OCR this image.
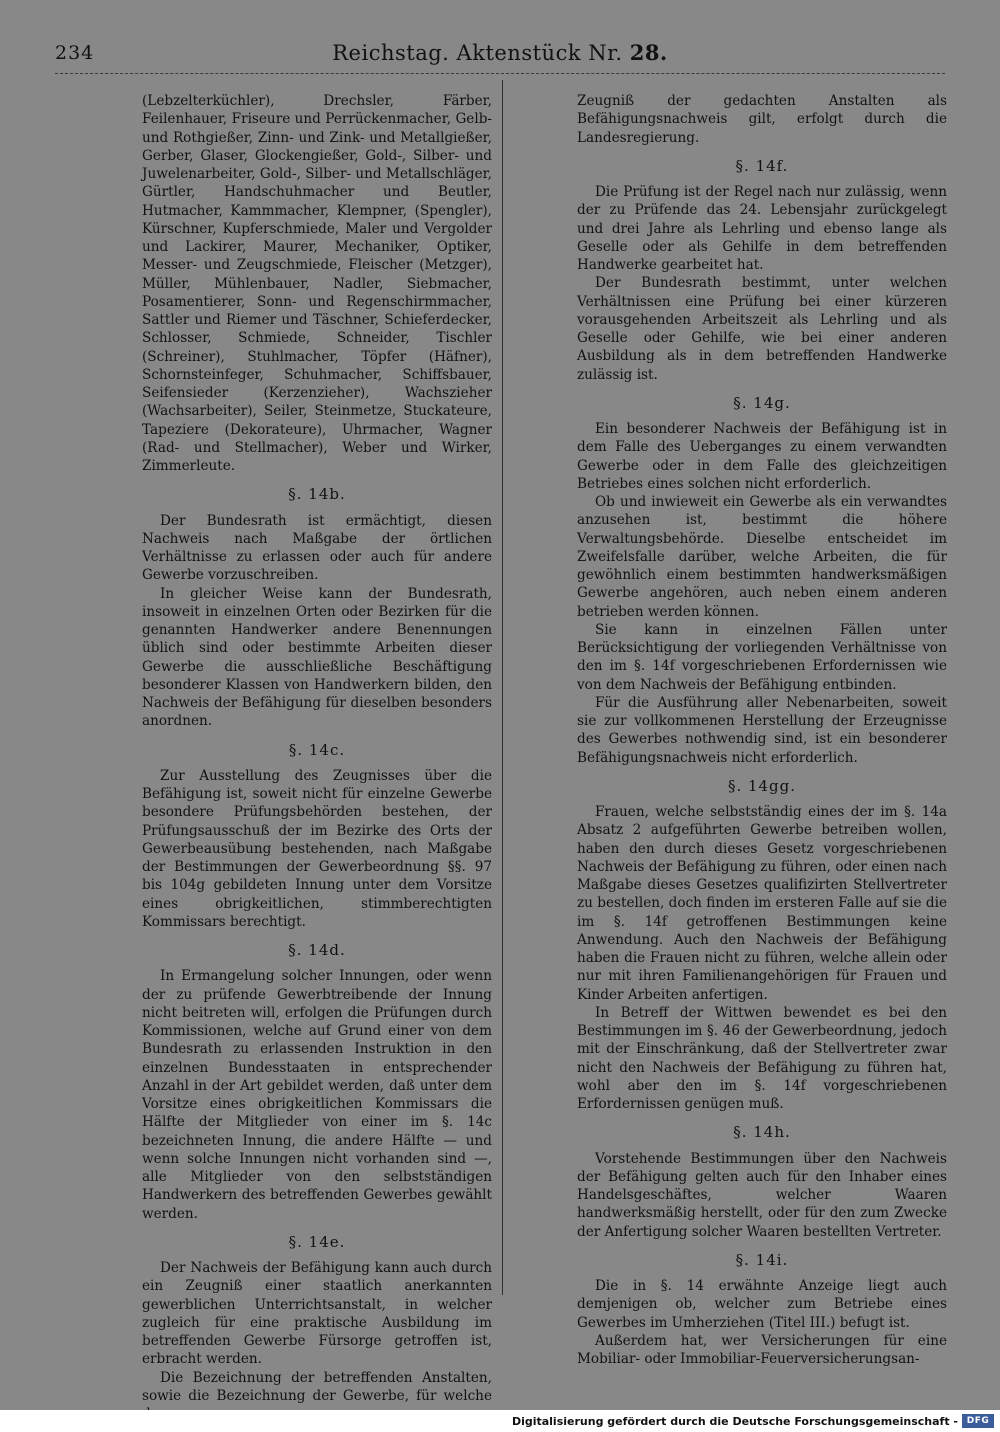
234	Reichstag. Aktenstück Nr. 28.

(Lebzelterküchler), Drechsler, Färber, Feilenhauer, Friseure und Perrückenmacher, Gelb- und Rothgießer, Zinn- und Zink- und Metallgießer, Gerber, Glaser, Glockengießer, Gold-, Silber- und Juwelenarbeiter, Gold-, Silber- und Metallschläger, Gürtler, Handschuhmacher und Beutler, Hutmacher, Kammmacher, Klempner, (Spengler), Kürschner, Kupferschmiede, Maler und Vergolder und Lackirer, Maurer, Mechaniker, Optiker, Messer- und Zeugschmiede, Fleischer (Metzger), Müller, Mühlenbauer, Nadler, Siebmacher, Posamentierer, Sonn- und Regenschirmmacher, Sattler und Riemer und Täschner, Schieferdecker, Schlosser, Schmiede, Schneider, Tischler (Schreiner), Stuhlmacher, Töpfer (Häfner), Schornsteinfeger, Schuhmacher, Schiffsbauer, Seifensieder (Kerzenzieher), Wachszieher (Wachsarbeiter), Seiler, Steinmetze, Stuckateure, Tapeziere (Dekorateure), Uhrmacher, Wagner (Rad- und Stellmacher), Weber und Wirker, Zimmerleute.

§. 14b.

Der Bundesrath ist ermächtigt, diesen Nachweis nach Maßgabe der örtlichen Verhältnisse zu erlassen oder auch für andere Gewerbe vorzuschreiben.

In gleicher Weise kann der Bundesrath, insoweit in einzelnen Orten oder Bezirken für die genannten Handwerker andere Benennungen üblich sind oder bestimmte Arbeiten dieser Gewerbe die ausschließliche Beschäftigung besonderer Klassen von Handwerkern bilden, den Nachweis der Befähigung für dieselben besonders anordnen.

§. 14c.

Zur Ausstellung des Zeugnisses über die Befähigung ist, soweit nicht für einzelne Gewerbe besondere Prüfungsbehörden bestehen, der Prüfungsausschuß der im Bezirke des Orts der Gewerbeausübung bestehenden, nach Maßgabe der Bestimmungen der Gewerbeordnung §§. 97 bis 104g gebildeten Innung unter dem Vorsitze eines obrigkeitlichen, stimmberechtigten Kommissars berechtigt.

§. 14d.

In Ermangelung solcher Innungen, oder wenn der zu prüfende Gewerbtreibende der Innung nicht beitreten will, erfolgen die Prüfungen durch Kommissionen, welche auf Grund einer von dem Bundesrath zu erlassenden Instruktion in den einzelnen Bundesstaaten in entsprechender Anzahl in der Art gebildet werden, daß unter dem Vorsitze eines obrigkeitlichen Kommissars die Hälfte der Mitglieder von einer im §. 14c bezeichneten Innung, die andere Hälfte — und wenn solche Innungen nicht vorhanden sind —, alle Mitglieder von den selbstständigen Handwerkern des betreffenden Gewerbes gewählt werden.

§. 14e.

Der Nachweis der Befähigung kann auch durch ein Zeugniß einer staatlich anerkannten gewerblichen Unterrichtsanstalt, in welcher zugleich für eine praktische Ausbildung im betreffenden Gewerbe Fürsorge getroffen ist, erbracht werden.

Die Bezeichnung der betreffenden Anstalten, sowie die Bezeichnung der Gewerbe, für welche

Zeugniß der gedachten Anstalten als Befähigungsnachweis gilt, erfolgt durch die Landesregierung.

§. 14f.

Die Prüfung ist der Regel nach nur zulässig, wenn der zu Prüfende das 24. Lebensjahr zurückgelegt und drei Jahre als Lehrling und ebenso lange als Geselle oder als Gehilfe in dem betreffenden Handwerke gearbeitet hat.

Der Bundesrath bestimmt, unter welchen Verhältnissen eine Prüfung bei einer kürzeren vorausgehenden Arbeitszeit als Lehrling und als Geselle oder Gehilfe, wie bei einer anderen Ausbildung als in dem betreffenden Handwerke zulässig ist.

§. 14g.

Ein besonderer Nachweis der Befähigung ist in dem Falle des Ueberganges zu einem verwandten Gewerbe oder in dem Falle des gleichzeitigen Betriebes eines solchen nicht erforderlich.

Ob und inwieweit ein Gewerbe als ein verwandtes anzusehen ist, bestimmt die höhere Verwaltungsbehörde. Dieselbe entscheidet im Zweifelsfalle darüber, welche Arbeiten, die für gewöhnlich einem bestimmten handwerksmäßigen Gewerbe angehören, auch neben einem anderen betrieben werden können.

Sie kann in einzelnen Fällen unter Berücksichtigung der vorliegenden Verhältnisse von den im §. 14f vorgeschriebenen Erfordernissen wie von dem Nachweis der Befähigung entbinden.

Für die Ausführung aller Nebenarbeiten, soweit sie zur vollkommenen Herstellung der Erzeugnisse des Gewerbes nothwendig sind, ist ein besonderer Befähigungsnachweis nicht erforderlich.

§. 14gg.

Frauen, welche selbstständig eines der im §. 14a Absatz 2 aufgeführten Gewerbe betreiben wollen, haben den durch dieses Gesetz vorgeschriebenen Nachweis der Befähigung zu führen, oder einen nach Maßgabe dieses Gesetzes qualifizirten Stellvertreter zu bestellen, doch finden im ersteren Falle auf sie die im §. 14f getroffenen Bestimmungen keine Anwendung. Auch den Nachweis der Befähigung haben die Frauen nicht zu führen, welche allein oder nur mit ihren Familienangehörigen für Frauen und Kinder Arbeiten anfertigen.

In Betreff der Wittwen bewendet es bei den Bestimmungen im §. 46 der Gewerbeordnung, jedoch mit der Einschränkung, daß der Stellvertreter zwar nicht den Nachweis der Befähigung zu führen hat, wohl aber den im §. 14f vorgeschriebenen Erfordernissen genügen muß.

§. 14h.

Vorstehende Bestimmungen über den Nachweis der Befähigung gelten auch für den Inhaber eines Handelsgeschäftes, welcher Waaren handwerksmäßig herstellt, oder für den zum Zwecke der Anfertigung solcher Waaren bestellten Vertreter.

§. 14i.

Die in §. 14 erwähnte Anzeige liegt auch demjenigen ob, welcher zum Betriebe eines Gewerbes im Umherziehen (Titel III.) befugt ist.

Außerdem hat, wer Versicherungen für eine Mobiliar- oder Immobiliar-Feuerversicherungsan-

Digitalisierung gefördert durch die Deutsche Forschungsgemeinschaft - DFG
